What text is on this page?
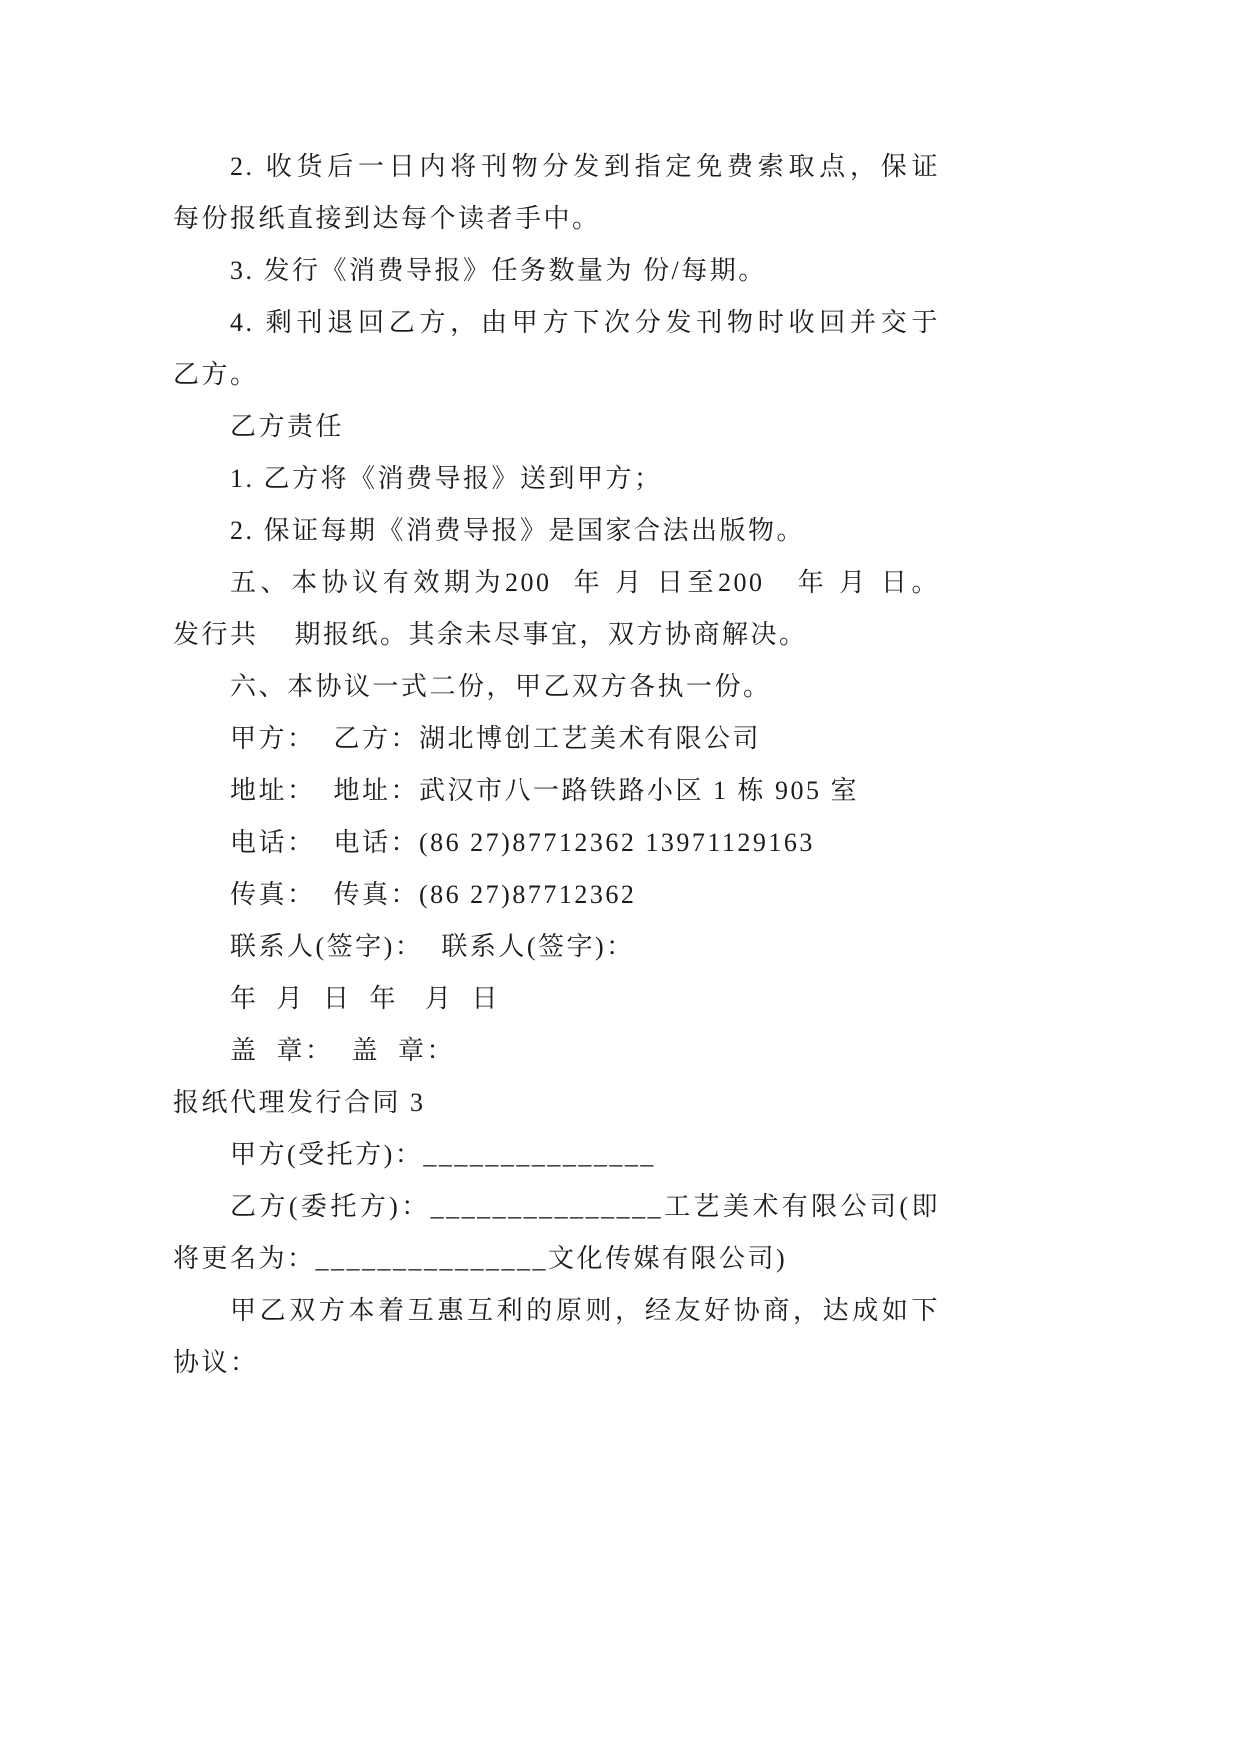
2. 收货后一日内将刊物分发到指定免费索取点，保证
每份报纸直接到达每个读者手中。
3. 发行《消费导报》任务数量为 份/每期。
4. 剩刊退回乙方，由甲方下次分发刊物时收回并交于
乙方。
乙方责任
1. 乙方将《消费导报》送到甲方；
2. 保证每期《消费导报》是国家合法出版物。
五、本协议有效期为200  年 月 日至200   年 月 日。
发行共    期报纸。其余未尽事宜，双方协商解决。
六、本协议一式二份，甲乙双方各执一份。
甲方：  乙方：湖北博创工艺美术有限公司
地址：  地址：武汉市八一路铁路小区 1 栋 905 室
电话：  电话：(86 27)87712362 13971129163
传真：  传真：(86 27)87712362
联系人(签字)：  联系人(签字)：
年  月  日  年   月  日
盖  章：  盖  章：
报纸代理发行合同 3
甲方(受托方)：_______________
乙方(委托方)：_______________工艺美术有限公司(即
将更名为：_______________文化传媒有限公司)
甲乙双方本着互惠互利的原则，经友好协商，达成如下
协议：
